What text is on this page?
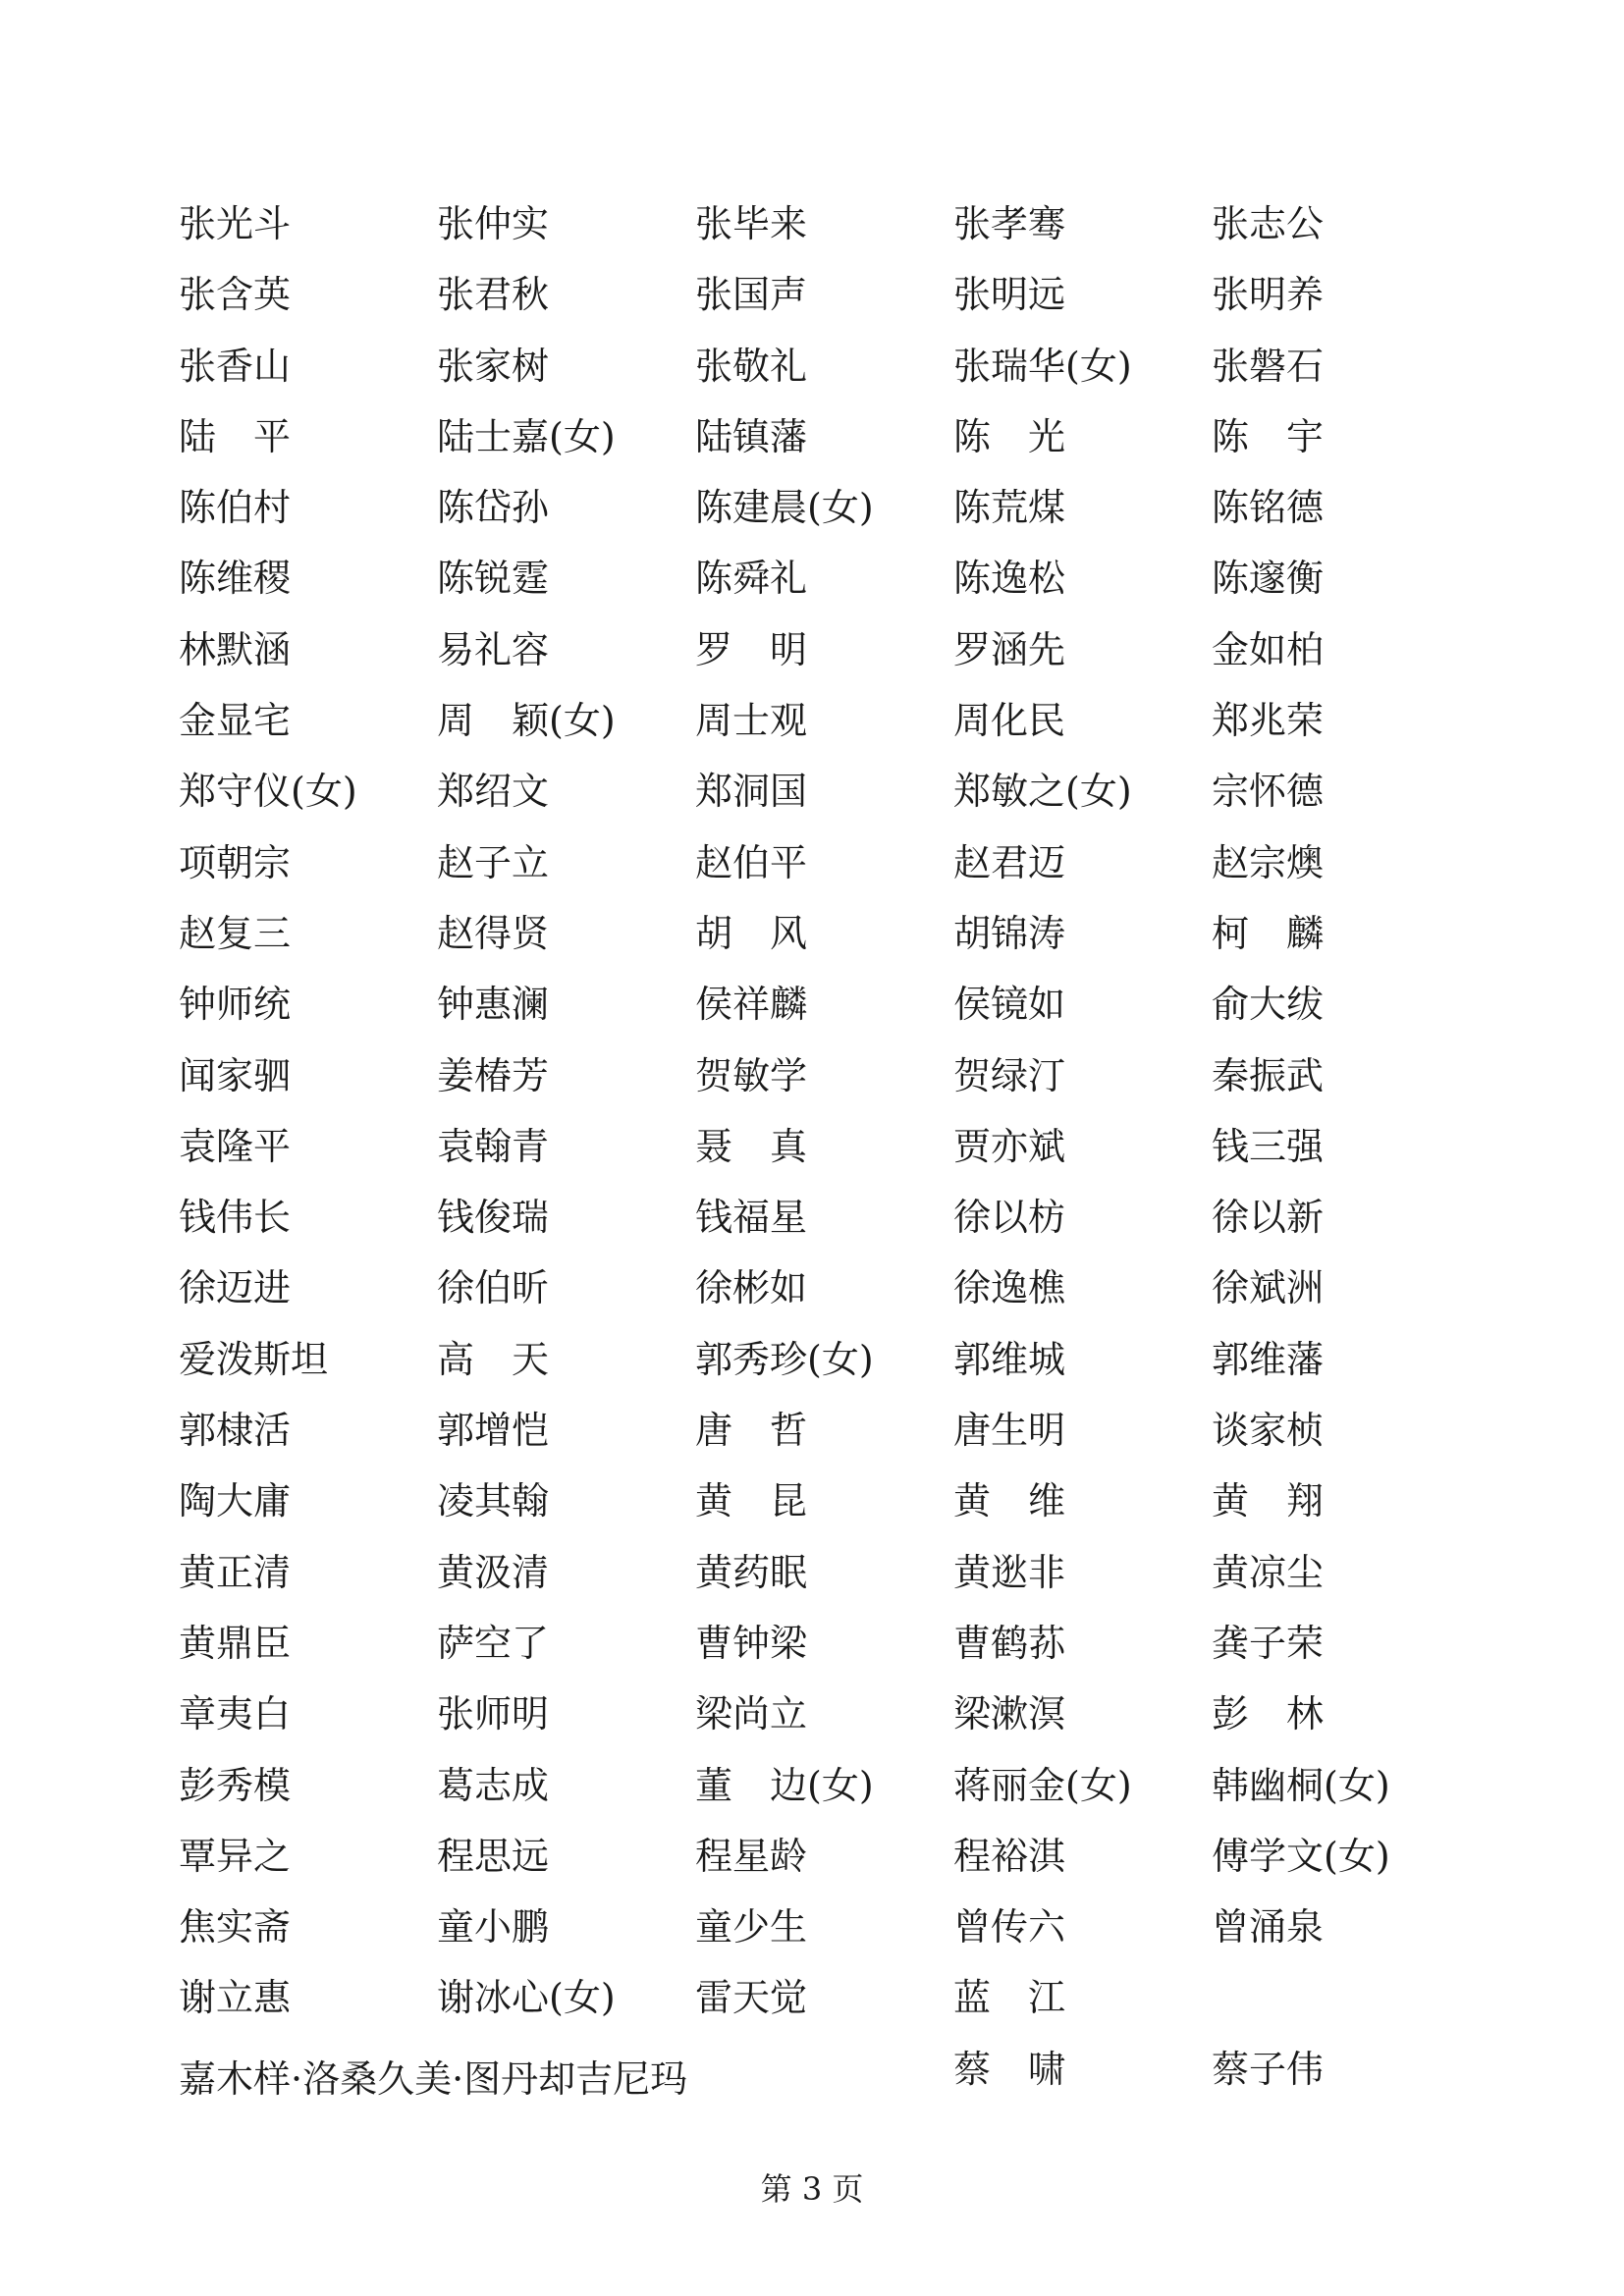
张光斗	张仲实	张毕来	张孝骞	张志公
张含英	张君秋	张国声	张明远	张明养
张香山	张家树	张敬礼	张瑞华(女) 张磐石
陆　平	陆士嘉(女) 陆镇藩	陈　光	陈　宇
陈伯村	陈岱孙	陈建晨(女) 陈荒煤	陈铭德
陈维稷	陈锐霆	陈舜礼	陈逸松	陈邃衡
林默涵	易礼容	罗　明	罗涵先	金如柏
金显宅	周　颖(女) 周士观	周化民	郑兆荣
郑守仪(女) 郑绍文	郑洞国	郑敏之(女) 宗怀德
项朝宗	赵子立	赵伯平	赵君迈	赵宗燠
赵复三	赵得贤	胡　风	胡锦涛	柯　麟
钟师统	钟惠澜	侯祥麟	侯镜如	俞大绂
闻家驷	姜椿芳	贺敏学	贺绿汀	秦振武
袁隆平	袁翰青	聂　真	贾亦斌	钱三强
钱伟长	钱俊瑞	钱福星	徐以枋	徐以新
徐迈进	徐伯昕	徐彬如	徐逸樵	徐斌洲
爱泼斯坦	高　天	郭秀珍(女) 郭维城	郭维藩
郭棣活	郭增恺	唐　哲	唐生明	谈家桢
陶大庸	凌其翰	黄　昆	黄　维	黄　翔
黄正清	黄汲清	黄药眠	黄逖非	黄凉尘
黄鼎臣	萨空了	曹钟梁	曹鹤荪	龚子荣
章夷白	张师明	梁尚立	梁漱溟	彭　林
彭秀模	葛志成	董　边(女) 蒋丽金(女) 韩幽桐(女)
覃异之	程思远	程星龄	程裕淇	傅学文(女)
焦实斋	童小鹏	童少生	曾传六	曾涌泉
谢立惠	谢冰心(女) 雷天觉	蓝　江
嘉木样·洛桑久美·图丹却吉尼玛	蔡　啸	蔡子伟
第 3 页
